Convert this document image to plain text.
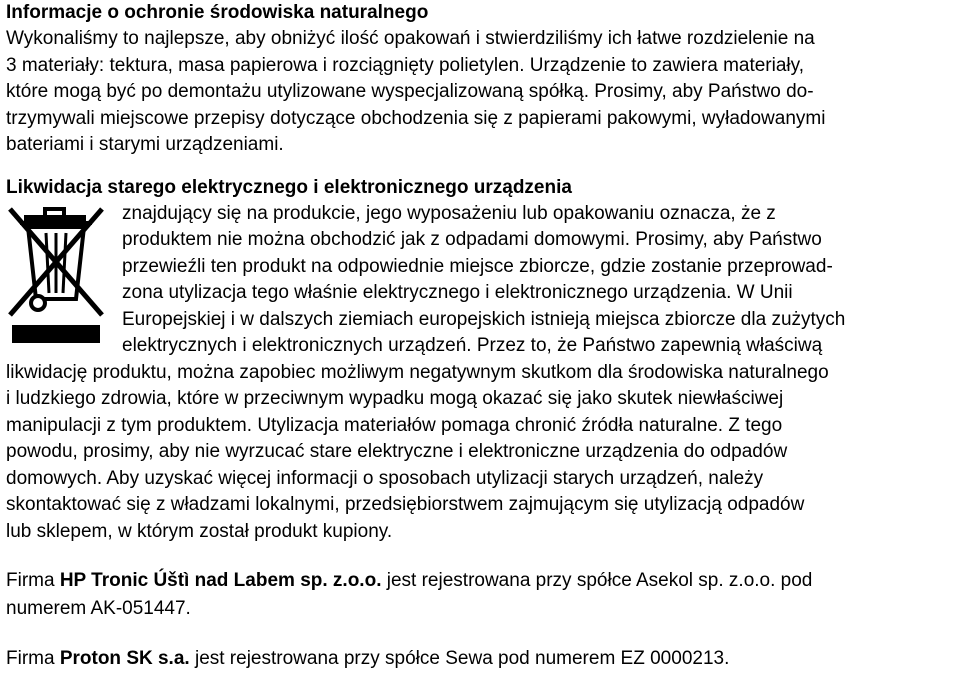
Informacje o ochronie środowiska naturalnego

Wykonaliśmy to najlepsze, aby obniżyć ilość opakowań i stwierdziliśmy ich łatwe rozdzielenie na

3 materiały: tektura, masa papierowa i rozciągnięty polietylen. Urządzenie to zawiera materiały,

które mogą być po demontażu utylizowane wyspecjalizowaną spółką. Prosimy, aby Państwo do-

trzymywali miejscowe przepisy dotyczące obchodzenia się z papierami pakowymi, wyładowanymi

bateriami i starymi urządzeniami.

Likwidacja starego elektrycznego i elektronicznego urządzenia

znajdujący się na produkcie, jego wyposażeniu lub opakowaniu oznacza, że z

produktem nie można obchodzić jak z odpadami domowymi. Prosimy, aby Państwo

przewieźli ten produkt na odpowiednie miejsce zbiorcze, gdzie zostanie przeprowad-

zona utylizacja tego właśnie elektrycznego i elektronicznego urządzenia. W Unii

Europejskiej i w dalszych ziemiach europejskich istnieją miejsca zbiorcze dla zużytych

elektrycznych i elektronicznych urządzeń. Przez to, że Państwo zapewnią właściwą

likwidację produktu, można zapobiec możliwym negatywnym skutkom dla środowiska naturalnego

i ludzkiego zdrowia, które w przeciwnym wypadku mogą okazać się jako skutek niewłaściwej

manipulacji z tym produktem. Utylizacja materiałów pomaga chronić źródła naturalne. Z tego

powodu, prosimy, aby nie wyrzucać stare elektryczne i elektroniczne urządzenia do odpadów

domowych. Aby uzyskać więcej informacji o sposobach utylizacji starych urządzeń, należy

skontaktować się z władzami lokalnymi, przedsiębiorstwem zajmującym się utylizacją odpadów

lub sklepem, w którym został produkt kupiony.

Firma HP Tronic Úštì nad Labem sp. z.o.o. jest rejestrowana przy spółce Asekol sp. z.o.o. pod

numerem AK-051447.

Firma Proton SK s.a. jest rejestrowana przy spółce Sewa pod numerem EZ 0000213.
